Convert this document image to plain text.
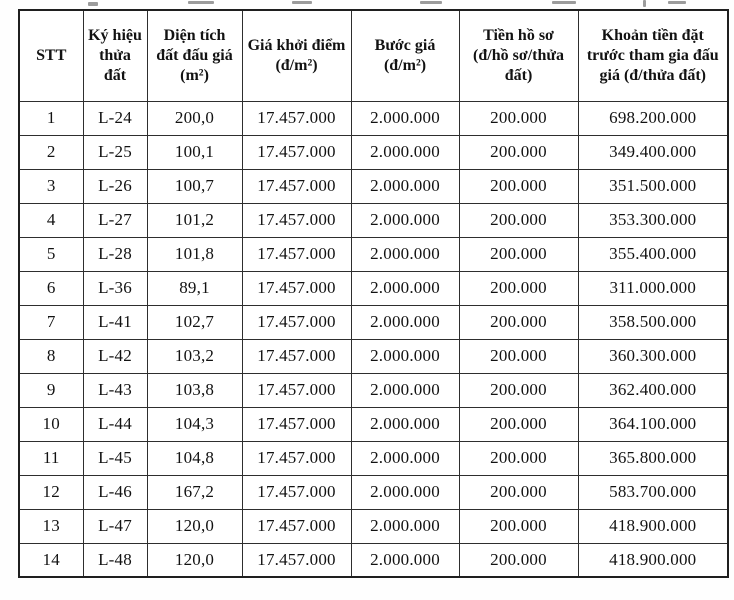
STT	Ký hiệu thửa đất	Diện tích đất đấu giá (m²)	Giá khởi điểm (đ/m²)	Bước giá (đ/m²)	Tiền hồ sơ (đ/hồ sơ/thửa đất)	Khoản tiền đặt trước tham gia đấu giá (đ/thửa đất)
1	L-24	200,0	17.457.000	2.000.000	200.000	698.200.000
2	L-25	100,1	17.457.000	2.000.000	200.000	349.400.000
3	L-26	100,7	17.457.000	2.000.000	200.000	351.500.000
4	L-27	101,2	17.457.000	2.000.000	200.000	353.300.000
5	L-28	101,8	17.457.000	2.000.000	200.000	355.400.000
6	L-36	89,1	17.457.000	2.000.000	200.000	311.000.000
7	L-41	102,7	17.457.000	2.000.000	200.000	358.500.000
8	L-42	103,2	17.457.000	2.000.000	200.000	360.300.000
9	L-43	103,8	17.457.000	2.000.000	200.000	362.400.000
10	L-44	104,3	17.457.000	2.000.000	200.000	364.100.000
11	L-45	104,8	17.457.000	2.000.000	200.000	365.800.000
12	L-46	167,2	17.457.000	2.000.000	200.000	583.700.000
13	L-47	120,0	17.457.000	2.000.000	200.000	418.900.000
14	L-48	120,0	17.457.000	2.000.000	200.000	418.900.000
